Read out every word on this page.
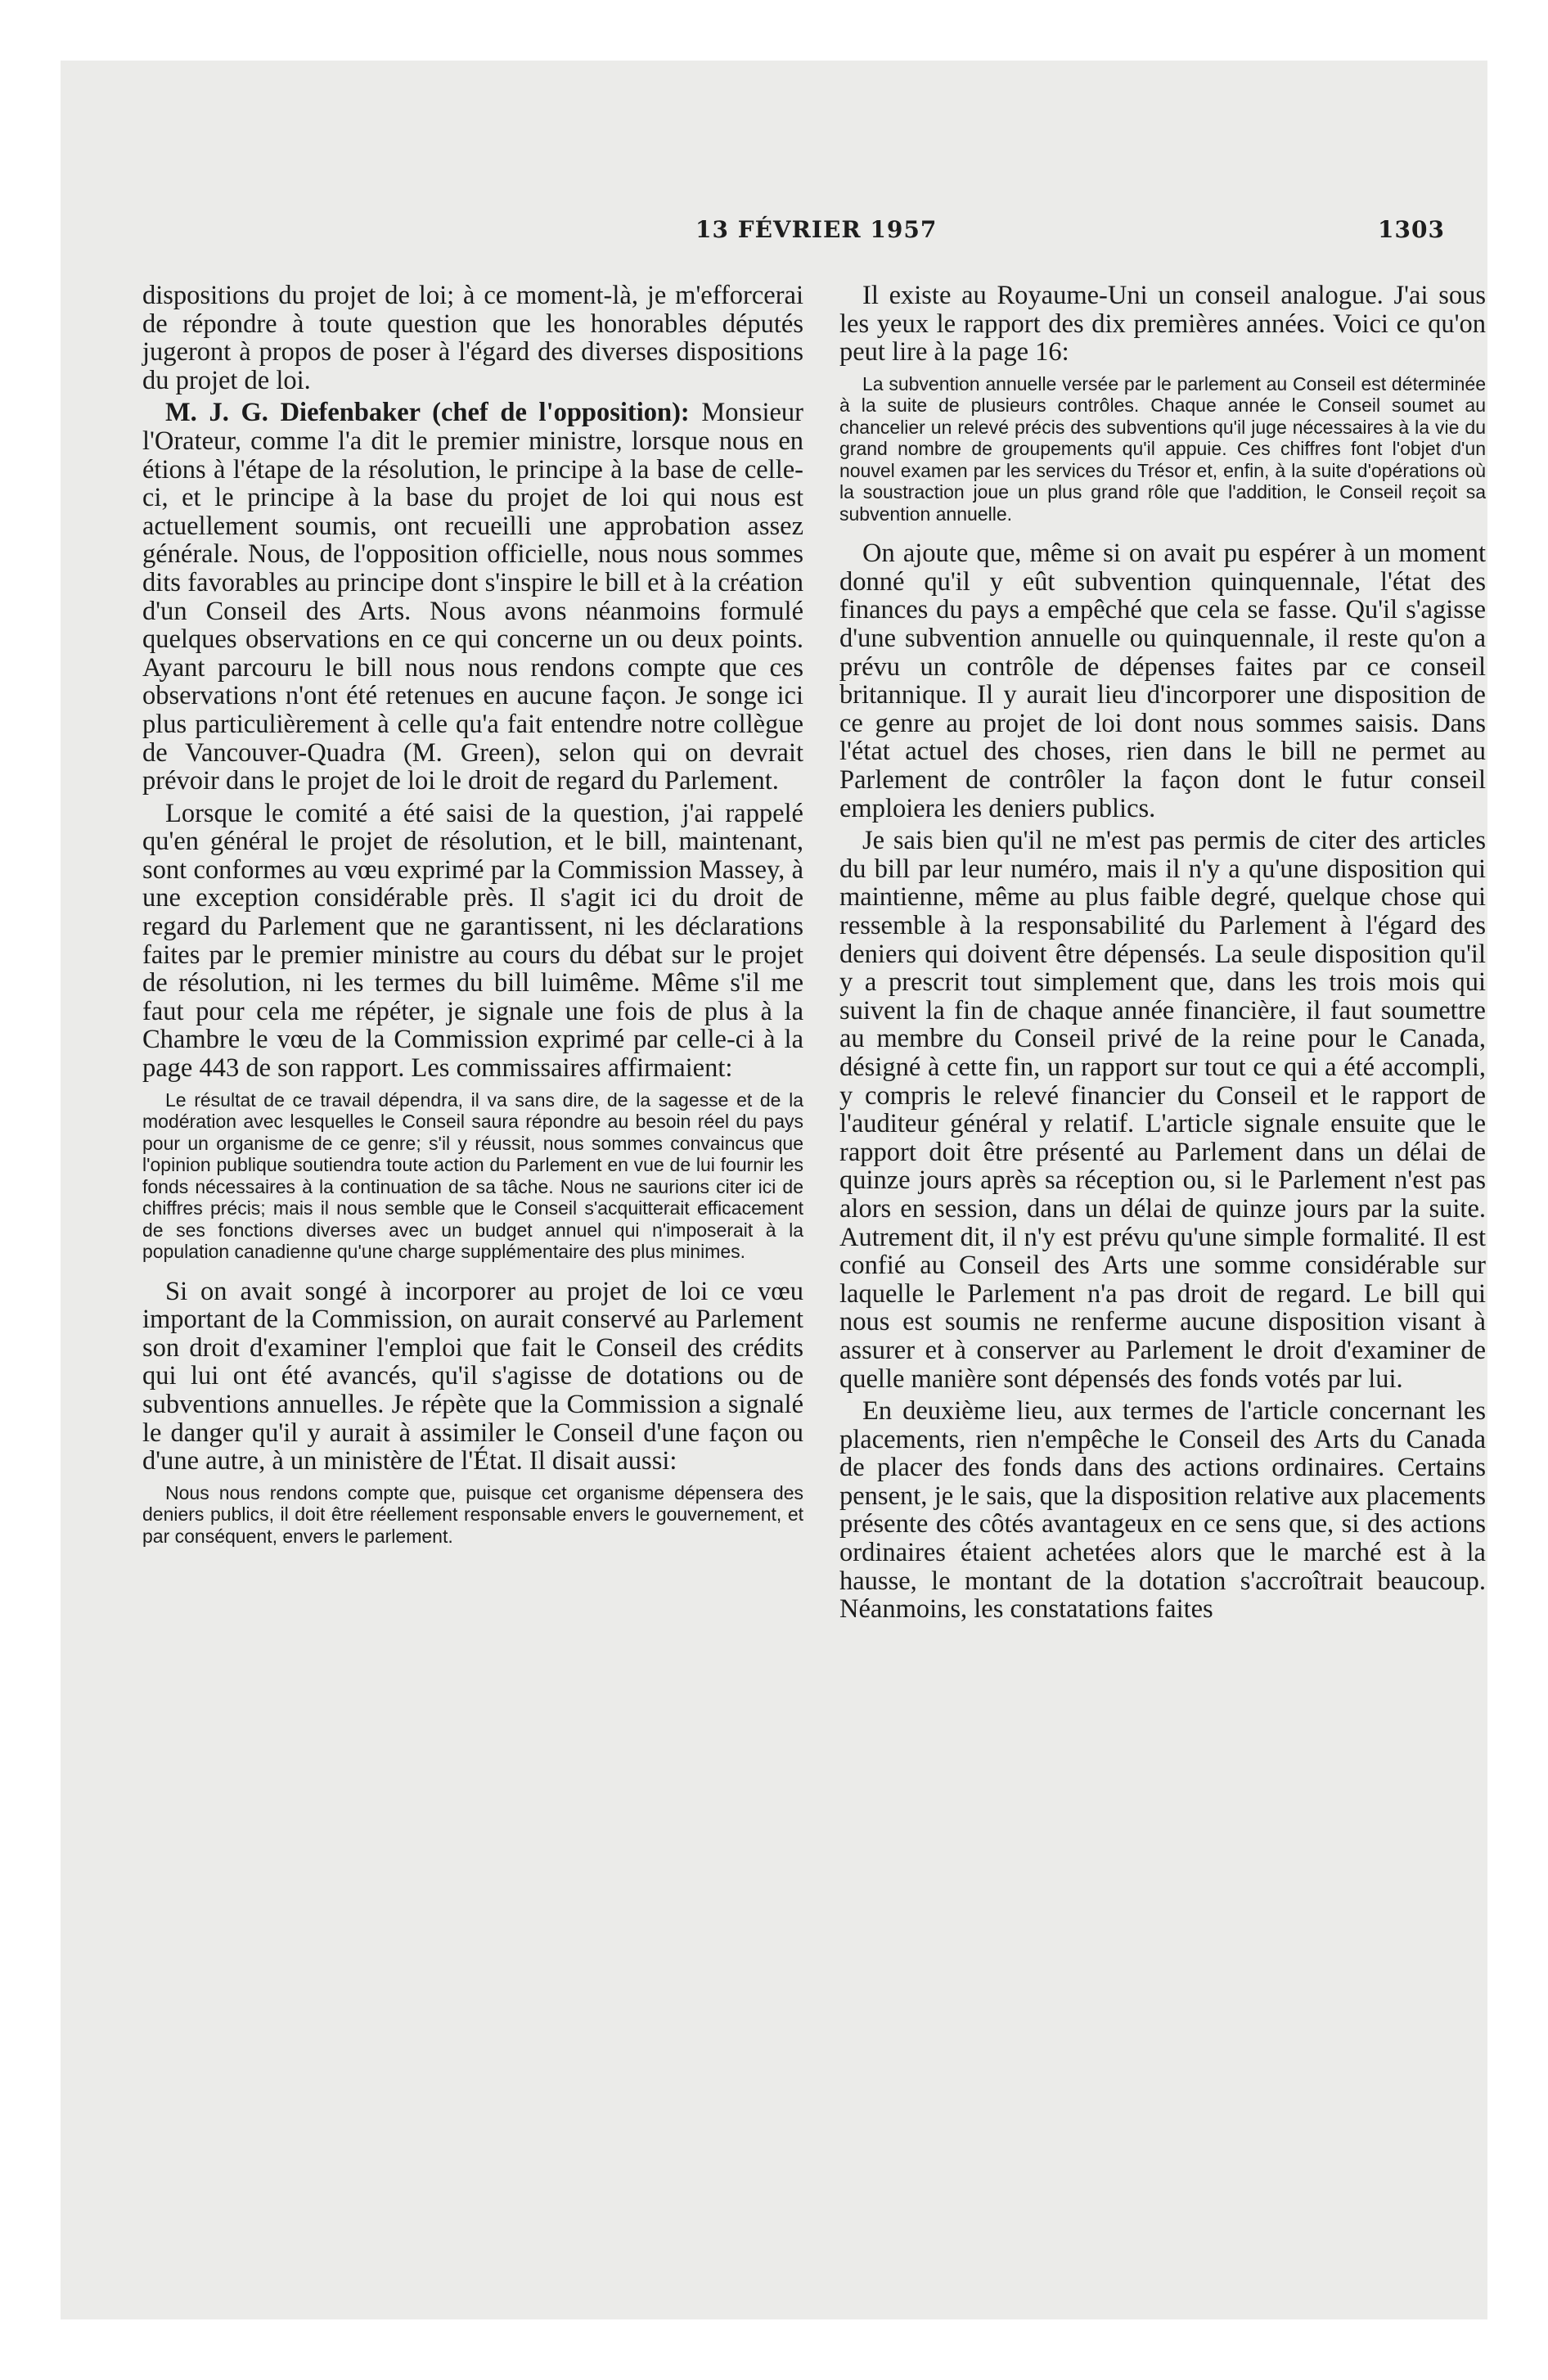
13 FÉVRIER 1957	1303

dispositions du projet de loi; à ce moment-là, je m'efforcerai de répondre à toute question que les honorables députés jugeront à propos de poser à l'égard des diverses dispositions du projet de loi.

M. J. G. Diefenbaker (chef de l'opposition): Monsieur l'Orateur, comme l'a dit le premier ministre, lorsque nous en étions à l'étape de la résolution, le principe à la base de celle-ci, et le principe à la base du projet de loi qui nous est actuellement soumis, ont recueilli une approbation assez générale. Nous, de l'opposition officielle, nous nous sommes dits favorables au principe dont s'inspire le bill et à la création d'un Conseil des Arts. Nous avons néanmoins formulé quelques observations en ce qui concerne un ou deux points. Ayant parcouru le bill nous nous rendons compte que ces observations n'ont été retenues en aucune façon. Je songe ici plus particulièrement à celle qu'a fait entendre notre collègue de Vancouver-Quadra (M. Green), selon qui on devrait prévoir dans le projet de loi le droit de regard du Parlement.

Lorsque le comité a été saisi de la question, j'ai rappelé qu'en général le projet de résolution, et le bill, maintenant, sont conformes au vœu exprimé par la Commission Massey, à une exception considérable près. Il s'agit ici du droit de regard du Parlement que ne garantissent, ni les déclarations faites par le premier ministre au cours du débat sur le projet de résolution, ni les termes du bill luimême. Même s'il me faut pour cela me répéter, je signale une fois de plus à la Chambre le vœu de la Commission exprimé par celle-ci à la page 443 de son rapport. Les commissaires affirmaient:

Le résultat de ce travail dépendra, il va sans dire, de la sagesse et de la modération avec lesquelles le Conseil saura répondre au besoin réel du pays pour un organisme de ce genre; s'il y réussit, nous sommes convaincus que l'opinion publique soutiendra toute action du Parlement en vue de lui fournir les fonds nécessaires à la continuation de sa tâche. Nous ne saurions citer ici de chiffres précis; mais il nous semble que le Conseil s'acquitterait efficacement de ses fonctions diverses avec un budget annuel qui n'imposerait à la population canadienne qu'une charge supplémentaire des plus minimes.

Si on avait songé à incorporer au projet de loi ce vœu important de la Commission, on aurait conservé au Parlement son droit d'examiner l'emploi que fait le Conseil des crédits qui lui ont été avancés, qu'il s'agisse de dotations ou de subventions annuelles. Je répète que la Commission a signalé le danger qu'il y aurait à assimiler le Conseil d'une façon ou d'une autre, à un ministère de l'État. Il disait aussi:

Nous nous rendons compte que, puisque cet organisme dépensera des deniers publics, il doit être réellement responsable envers le gouvernement, et par conséquent, envers le parlement.

Il existe au Royaume-Uni un conseil analogue. J'ai sous les yeux le rapport des dix premières années. Voici ce qu'on peut lire à la page 16:

La subvention annuelle versée par le parlement au Conseil est déterminée à la suite de plusieurs contrôles. Chaque année le Conseil soumet au chancelier un relevé précis des subventions qu'il juge nécessaires à la vie du grand nombre de groupements qu'il appuie. Ces chiffres font l'objet d'un nouvel examen par les services du Trésor et, enfin, à la suite d'opérations où la soustraction joue un plus grand rôle que l'addition, le Conseil reçoit sa subvention annuelle.

On ajoute que, même si on avait pu espérer à un moment donné qu'il y eût subvention quinquennale, l'état des finances du pays a empêché que cela se fasse. Qu'il s'agisse d'une subvention annuelle ou quinquennale, il reste qu'on a prévu un contrôle de dépenses faites par ce conseil britannique. Il y aurait lieu d'incorporer une disposition de ce genre au projet de loi dont nous sommes saisis. Dans l'état actuel des choses, rien dans le bill ne permet au Parlement de contrôler la façon dont le futur conseil emploiera les deniers publics.

Je sais bien qu'il ne m'est pas permis de citer des articles du bill par leur numéro, mais il n'y a qu'une disposition qui maintienne, même au plus faible degré, quelque chose qui ressemble à la responsabilité du Parlement à l'égard des deniers qui doivent être dépensés. La seule disposition qu'il y a prescrit tout simplement que, dans les trois mois qui suivent la fin de chaque année financière, il faut soumettre au membre du Conseil privé de la reine pour le Canada, désigné à cette fin, un rapport sur tout ce qui a été accompli, y compris le relevé financier du Conseil et le rapport de l'auditeur général y relatif. L'article signale ensuite que le rapport doit être présenté au Parlement dans un délai de quinze jours après sa réception ou, si le Parlement n'est pas alors en session, dans un délai de quinze jours par la suite. Autrement dit, il n'y est prévu qu'une simple formalité. Il est confié au Conseil des Arts une somme considérable sur laquelle le Parlement n'a pas droit de regard. Le bill qui nous est soumis ne renferme aucune disposition visant à assurer et à conserver au Parlement le droit d'examiner de quelle manière sont dépensés des fonds votés par lui.

En deuxième lieu, aux termes de l'article concernant les placements, rien n'empêche le Conseil des Arts du Canada de placer des fonds dans des actions ordinaires. Certains pensent, je le sais, que la disposition relative aux placements présente des côtés avantageux en ce sens que, si des actions ordinaires étaient achetées alors que le marché est à la hausse, le montant de la dotation s'accroîtrait beaucoup. Néanmoins, les constatations faites
